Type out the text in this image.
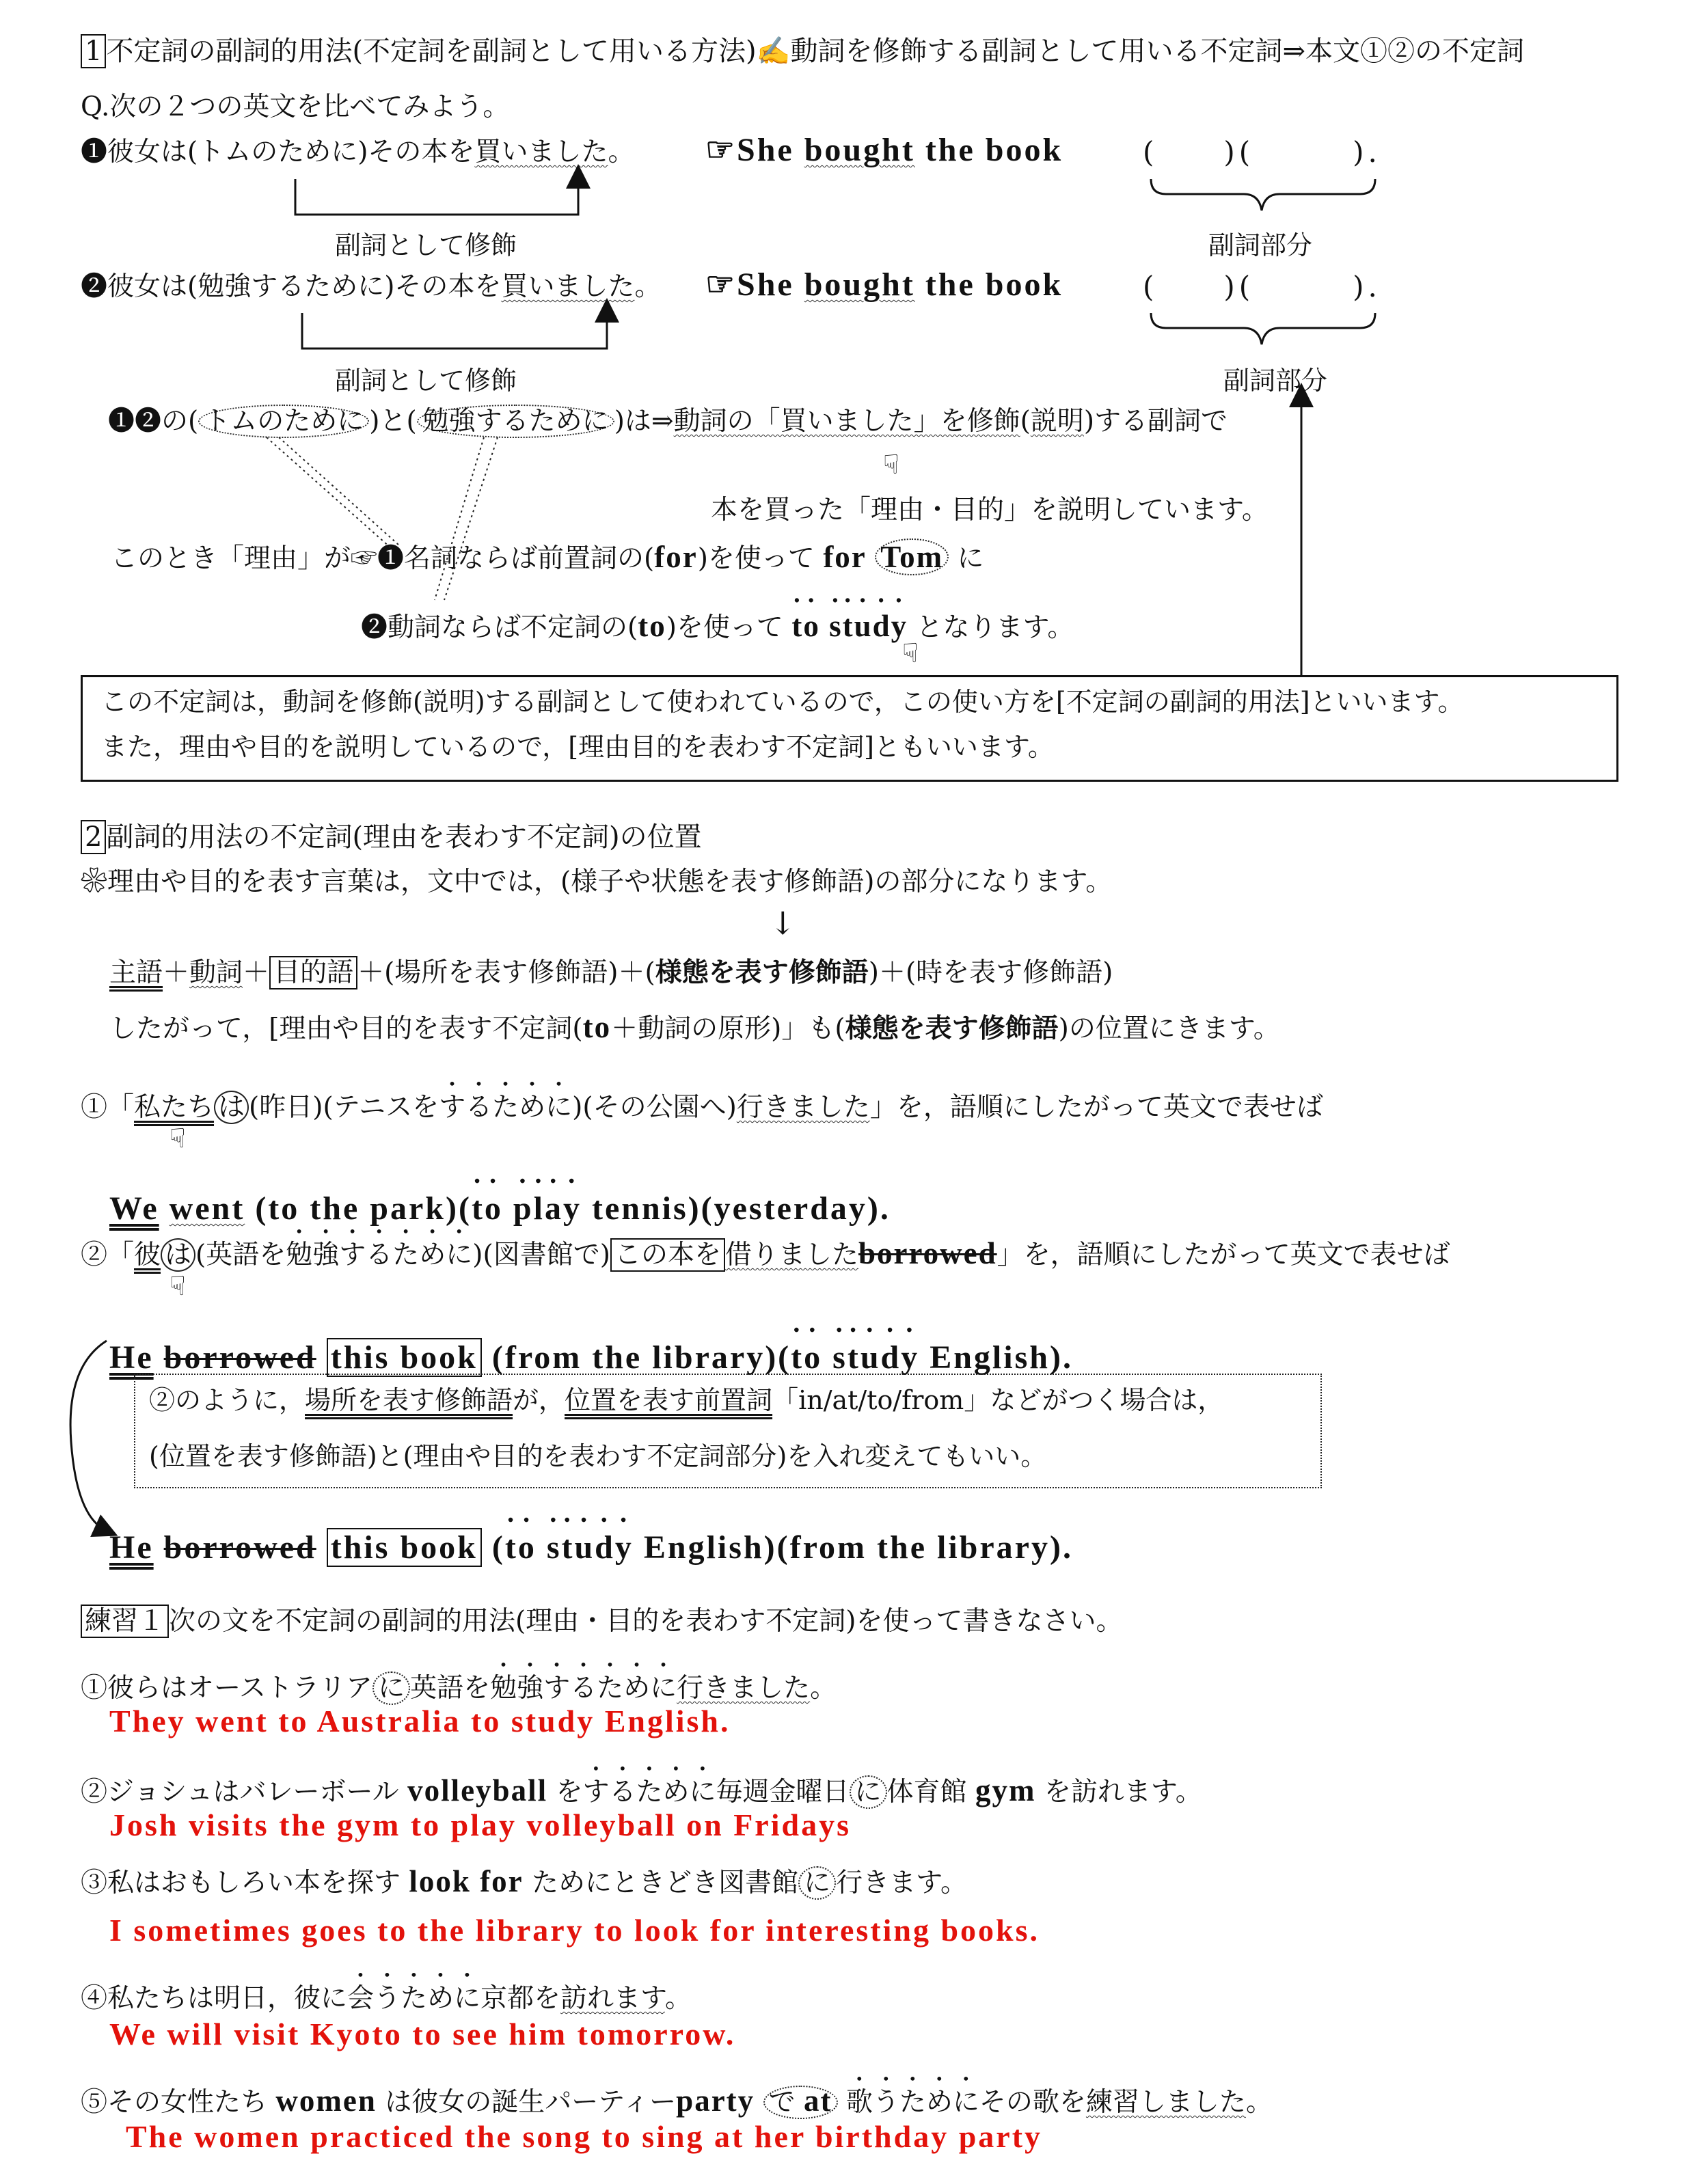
1 不定詞の副詞的用法(不定詞を副詞として用いる方法)✍動詞を修飾する副詞として用いる不定詞⇒本文①②の不定詞
Q.次の２つの英文を比べてみよう。
❶彼女は(トムのために)その本を買いました。 ☞She bought the book	(　　)(　　　).
副詞として修飾	副詞部分
❷彼女は(勉強するために)その本を買いました。 ☞She bought the book	(　　)(　　　).
副詞として修飾	副詞部分
❶❷の( トムのために )と( 勉強するために )は⇒動詞の「買いました」を修飾(説明)する副詞で
☟
本を買った「理由・目的」を説明しています。
このとき「理由」が☞❶名詞ならば前置詞の(for)を使って for Tom に
❷動詞ならば不定詞の(to)を使って to study となります。
☟
この不定詞は，動詞を修飾(説明)する副詞として使われているので，この使い方を[不定詞の副詞的用法]といいます。
また，理由や目的を説明しているので，[理由目的を表わす不定詞]ともいいます。
2 副詞的用法の不定詞(理由を表わす不定詞)の位置
❀理由や目的を表す言葉は，文中では，(様子や状態を表す修飾語)の部分になります。
↓
主語＋動詞＋ 目的語 ＋(場所を表す修飾語)＋(様態を表す修飾語)＋(時を表す修飾語)
したがって，[理由や目的を表す不定詞(to＋動詞の原形)」も(様態を表す修飾語)の位置にきます。
①「私たち は (昨日)(テニスをするために)(その公園へ)行きました」を，語順にしたがって英文で表せば
☟
We went (to the park)(to play tennis)(yesterday).
②「彼 は (英語を勉強するために)(図書館で) この本を 借りましたborrowed」を，語順にしたがって英文で表せば
☟
He borrowed this book (from the library)(to study English).
②のように，場所を表す修飾語が，位置を表す前置詞「in/at/to/from」などがつく場合は，
(位置を表す修飾語)と(理由や目的を表わす不定詞部分)を入れ変えてもいい。
He borrowed this book (to study English)(from the library).
練習１ 次の文を不定詞の副詞的用法(理由・目的を表わす不定詞)を使って書きなさい。
①彼らはオーストラリア に 英語を勉強するために行きました。
They went to Australia to study English.
②ジョシュはバレーボール volleyball をするために毎週金曜日 に 体育館 gym を訪れます。
Josh visits the gym to play volleyball on Fridays
③私はおもしろい本を探す look for ためにときどき図書館 に 行きます。
I sometimes goes to the library to look for interesting books.
④私たちは明日，彼に会うために京都を訪れます。
We will visit Kyoto to see him tomorrow.
⑤その女性たち women は彼女の誕生パーティーparty で at 歌うためにその歌を練習しました。
The women practiced the song to sing at her birthday party
